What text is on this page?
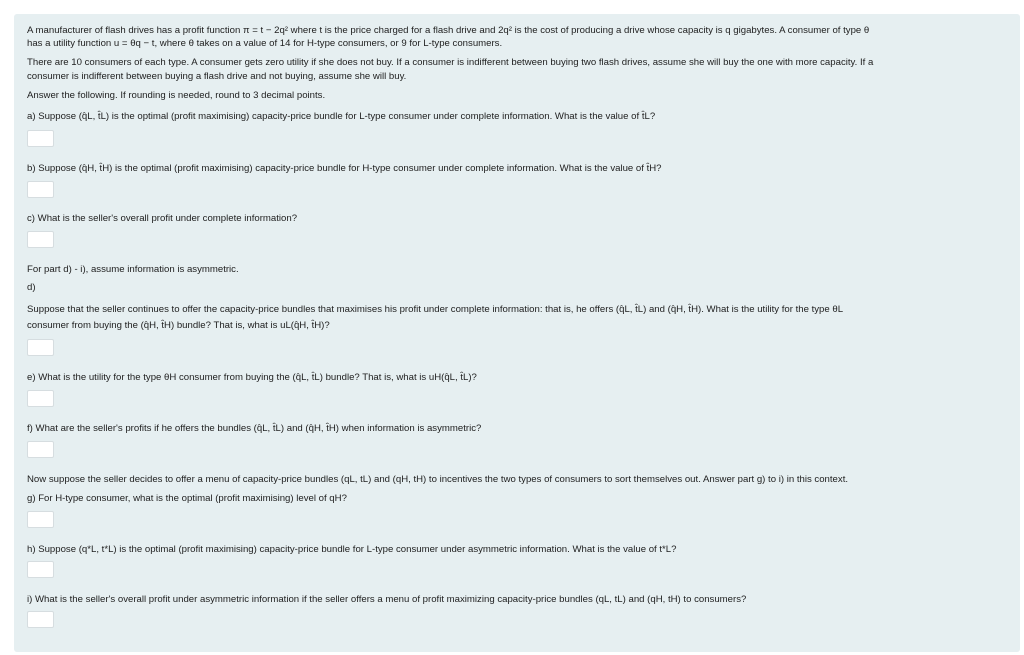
A manufacturer of flash drives has a profit function π = t − 2q² where t is the price charged for a flash drive and 2q² is the cost of producing a drive whose capacity is q gigabytes. A consumer of type θ
has a utility function u = θq − t, where θ takes on a value of 14 for H-type consumers, or 9 for L-type consumers.
There are 10 consumers of each type. A consumer gets zero utility if she does not buy. If a consumer is indifferent between buying two flash drives, assume she will buy the one with more capacity. If a
consumer is indifferent between buying a flash drive and not buying, assume she will buy.
Answer the following. If rounding is needed, round to 3 decimal points.
a) Suppose (q̂L, t̂L) is the optimal (profit maximising) capacity-price bundle for L-type consumer under complete information. What is the value of t̂L?
b) Suppose (q̂H, t̂H) is the optimal (profit maximising) capacity-price bundle for H-type consumer under complete information. What is the value of t̂H?
c) What is the seller's overall profit under complete information?
For part d) - i), assume information is asymmetric.
d)
Suppose that the seller continues to offer the capacity-price bundles that maximises his profit under complete information: that is, he offers (q̂L, t̂L) and (q̂H, t̂H). What is the utility for the type θL
consumer from buying the (q̂H, t̂H) bundle? That is, what is uL(q̂H, t̂H)?
e) What is the utility for the type θH consumer from buying the (q̂L, t̂L) bundle? That is, what is uH(q̂L, t̂L)?
f) What are the seller's profits if he offers the bundles (q̂L, t̂L) and (q̂H, t̂H) when information is asymmetric?
Now suppose the seller decides to offer a menu of capacity-price bundles (qL, tL) and (qH, tH) to incentives the two types of consumers to sort themselves out. Answer part g) to i) in this context.
g) For H-type consumer, what is the optimal (profit maximising) level of qH?
h) Suppose (q*L, t*L) is the optimal (profit maximising) capacity-price bundle for L-type consumer under asymmetric information. What is the value of t*L?
i) What is the seller's overall profit under asymmetric information if the seller offers a menu of profit maximizing capacity-price bundles (qL, tL) and (qH, tH) to consumers?
